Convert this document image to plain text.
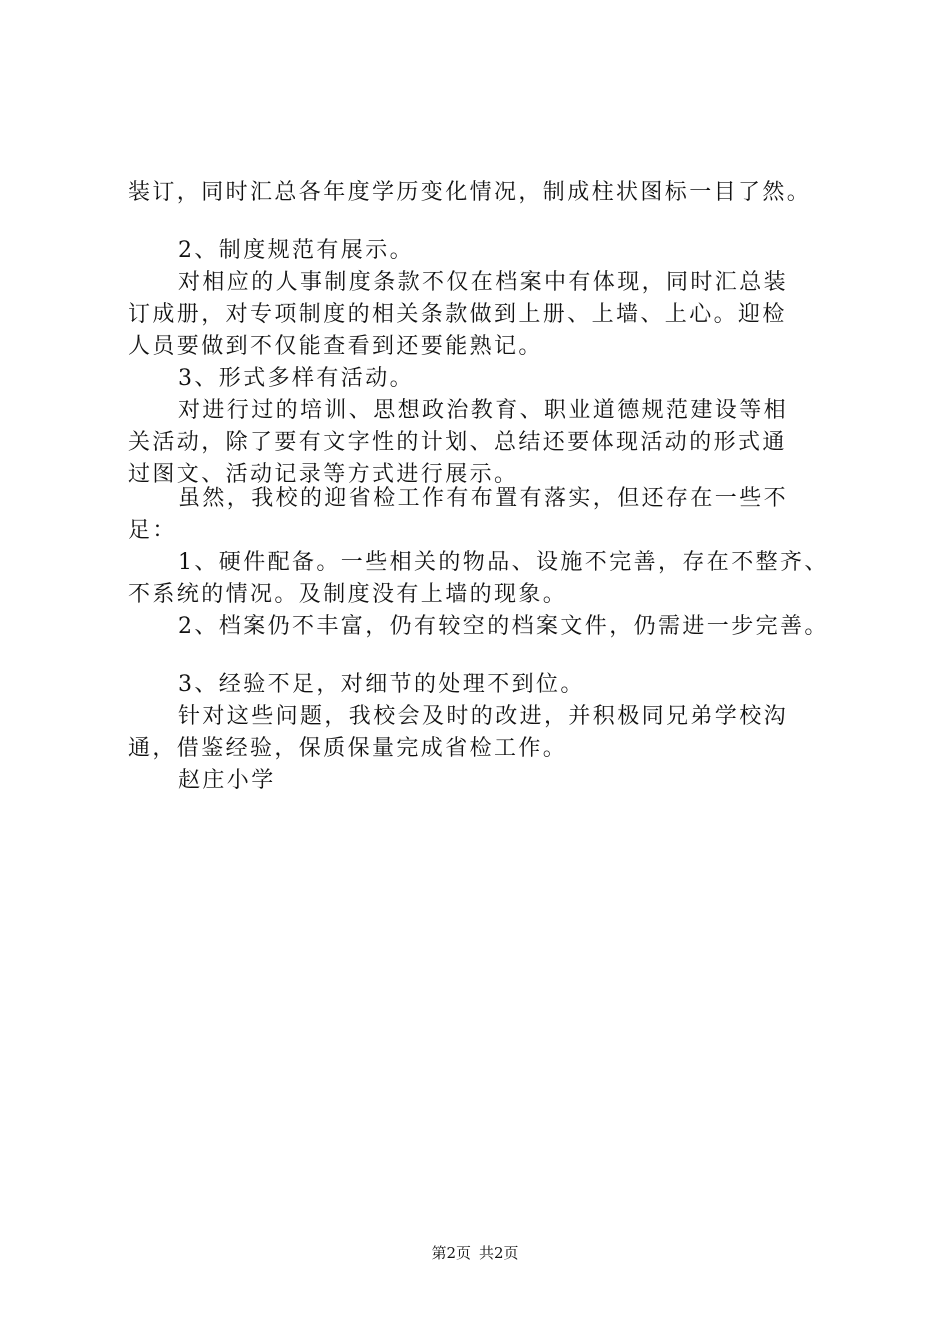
装订，同时汇总各年度学历变化情况，制成柱状图标一目了然。
2、制度规范有展示。
对相应的人事制度条款不仅在档案中有体现，同时汇总装
订成册，对专项制度的相关条款做到上册、上墙、上心。迎检
人员要做到不仅能查看到还要能熟记。
3、形式多样有活动。
对进行过的培训、思想政治教育、职业道德规范建设等相
关活动，除了要有文字性的计划、总结还要体现活动的形式通
过图文、活动记录等方式进行展示。
虽然，我校的迎省检工作有布置有落实，但还存在一些不
足：
1、硬件配备。一些相关的物品、设施不完善，存在不整齐、
不系统的情况。及制度没有上墙的现象。
2、档案仍不丰富，仍有较空的档案文件，仍需进一步完善。
3、经验不足，对细节的处理不到位。
针对这些问题，我校会及时的改进，并积极同兄弟学校沟
通，借鉴经验，保质保量完成省检工作。
赵庄小学
第2页 共2页
